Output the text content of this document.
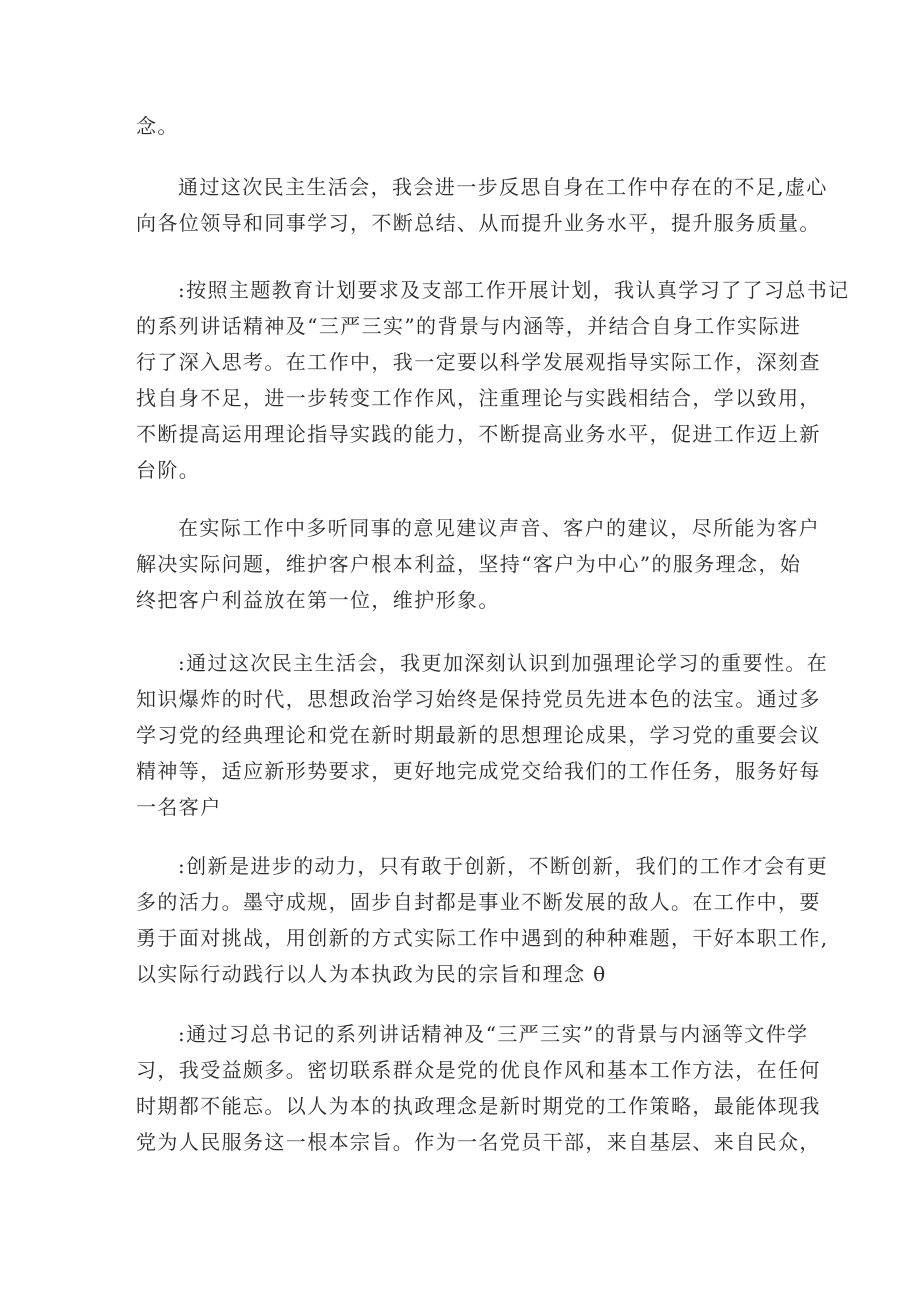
念。

通过这次民主生活会，我会进一步反思自身在工作中存在的不足,虚心
向各位领导和同事学习，不断总结、从而提升业务水平，提升服务质量。

:按照主题教育计划要求及支部工作开展计划，我认真学习了了习总书记
的系列讲话精神及“三严三实”的背景与内涵等，并结合自身工作实际进
行了深入思考。在工作中，我一定要以科学发展观指导实际工作，深刻查
找自身不足，进一步转变工作作风，注重理论与实践相结合，学以致用，
不断提高运用理论指导实践的能力，不断提高业务水平，促进工作迈上新
台阶。

在实际工作中多听同事的意见建议声音、客户的建议，尽所能为客户
解决实际问题，维护客户根本利益，坚持“客户为中心”的服务理念，始
终把客户利益放在第一位，维护形象。

:通过这次民主生活会，我更加深刻认识到加强理论学习的重要性。在
知识爆炸的时代，思想政治学习始终是保持党员先进本色的法宝。通过多
学习党的经典理论和党在新时期最新的思想理论成果，学习党的重要会议
精神等，适应新形势要求，更好地完成党交给我们的工作任务，服务好每
一名客户

:创新是进步的动力，只有敢于创新，不断创新，我们的工作才会有更
多的活力。墨守成规，固步自封都是事业不断发展的敌人。在工作中，要
勇于面对挑战，用创新的方式实际工作中遇到的种种难题，干好本职工作,
以实际行动践行以人为本执政为民的宗旨和理念 θ

:通过习总书记的系列讲话精神及“三严三实”的背景与内涵等文件学
习，我受益颇多。密切联系群众是党的优良作风和基本工作方法，在任何
时期都不能忘。以人为本的执政理念是新时期党的工作策略，最能体现我
党为人民服务这一根本宗旨。作为一名党员干部，来自基层、来自民众，
